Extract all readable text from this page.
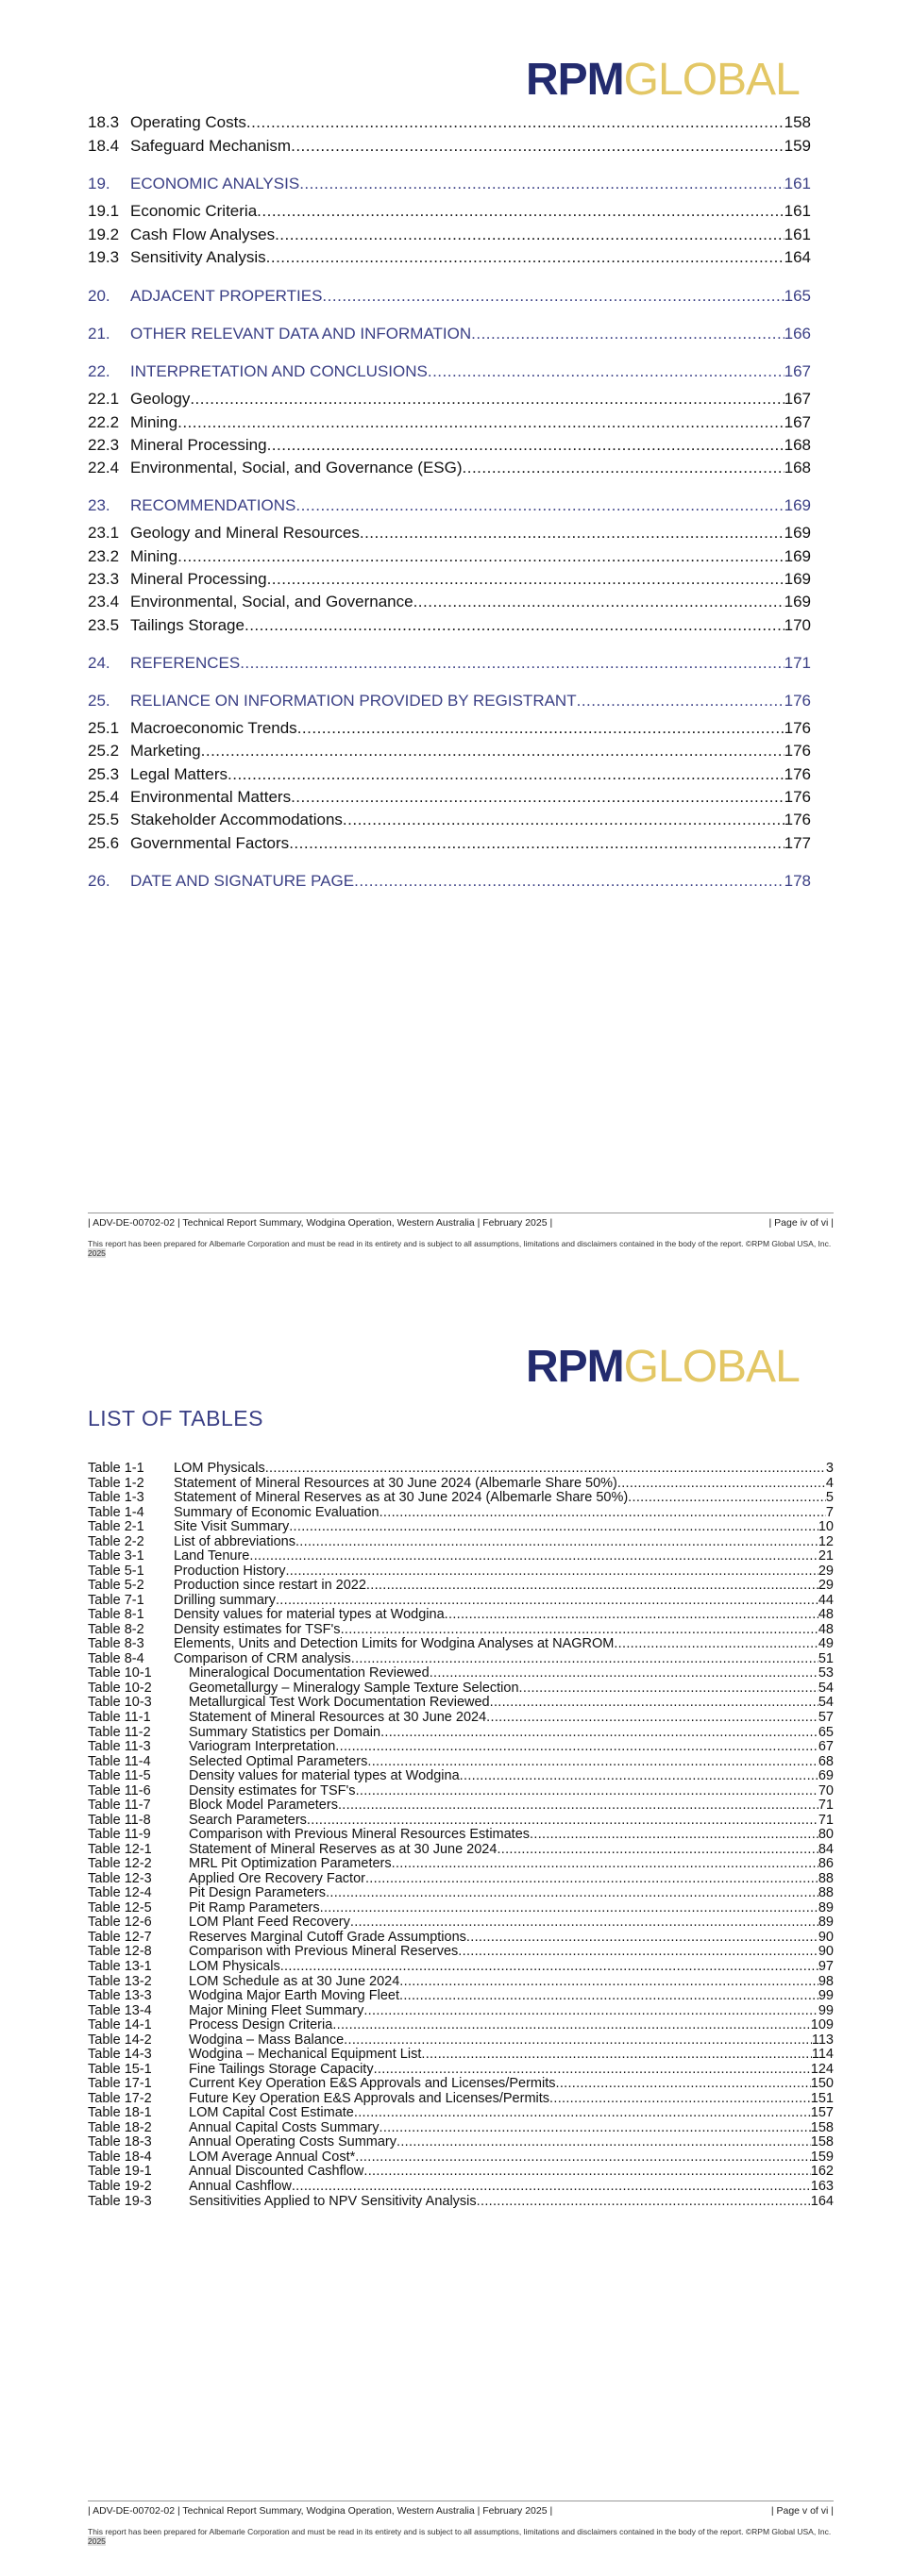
RPMGLOBAL
18.3 Operating Costs .....	158
18.4 Safeguard Mechanism .....	159
19.	ECONOMIC ANALYSIS .....	161
19.1 Economic Criteria .....	161
19.2 Cash Flow Analyses .....	161
19.3 Sensitivity Analysis .....	164
20.	ADJACENT PROPERTIES .....	165
21.	OTHER RELEVANT DATA AND INFORMATION .....	166
22.	INTERPRETATION AND CONCLUSIONS .....	167
22.1 Geology .....	167
22.2 Mining .....	167
22.3 Mineral Processing .....	168
22.4 Environmental, Social, and Governance (ESG) .....	168
23.	RECOMMENDATIONS .....	169
23.1 Geology and Mineral Resources .....	169
23.2 Mining .....	169
23.3 Mineral Processing .....	169
23.4 Environmental, Social, and Governance .....	169
23.5 Tailings Storage .....	170
24.	REFERENCES .....	171
25.	RELIANCE ON INFORMATION PROVIDED BY REGISTRANT .....	176
25.1 Macroeconomic Trends .....	176
25.2 Marketing .....	176
25.3 Legal Matters .....	176
25.4 Environmental Matters .....	176
25.5 Stakeholder Accommodations .....	176
25.6 Governmental Factors .....	177
26.	DATE AND SIGNATURE PAGE .....	178
| ADV-DE-00702-02 | Technical Report Summary, Wodgina Operation, Western Australia | February 2025 |	| Page iv of vi |
This report has been prepared for Albemarle Corporation and must be read in its entirety and is subject to all assumptions, limitations and disclaimers contained in the body of the report. ©RPM Global USA, Inc. 2025
RPMGLOBAL
LIST OF TABLES
Table 1-1	LOM Physicals .....	3
Table 1-2	Statement of Mineral Resources at 30 June 2024 (Albemarle Share 50%) .....	4
Table 1-3	Statement of Mineral Reserves as at 30 June 2024 (Albemarle Share 50%) .....	5
Table 1-4	Summary of Economic Evaluation .....	7
Table 2-1	Site Visit Summary .....	10
Table 2-2	List of abbreviations .....	12
Table 3-1	Land Tenure .....	21
Table 5-1	Production History .....	29
Table 5-2	Production since restart in 2022 .....	29
Table 7-1	Drilling summary .....	44
Table 8-1	Density values for material types at Wodgina .....	48
Table 8-2	Density estimates for TSF's .....	48
Table 8-3	Elements, Units and Detection Limits for Wodgina Analyses at NAGROM .....	49
Table 8-4	Comparison of CRM analysis .....	51
Table 10-1	Mineralogical Documentation Reviewed .....	53
Table 10-2	Geometallurgy – Mineralogy Sample Texture Selection .....	54
Table 10-3	Metallurgical Test Work Documentation Reviewed .....	54
Table 11-1	Statement of Mineral Resources at 30 June 2024 .....	57
Table 11-2	Summary Statistics per Domain .....	65
Table 11-3	Variogram Interpretation .....	67
Table 11-4	Selected Optimal Parameters .....	68
Table 11-5	Density values for material types at Wodgina .....	69
Table 11-6	Density estimates for TSF's .....	70
Table 11-7	Block Model Parameters .....	71
Table 11-8	Search Parameters .....	71
Table 11-9	Comparison with Previous Mineral Resources Estimates .....	80
Table 12-1	Statement of Mineral Reserves as at 30 June 2024 .....	84
Table 12-2	MRL Pit Optimization Parameters .....	86
Table 12-3	Applied Ore Recovery Factor .....	88
Table 12-4	Pit Design Parameters .....	88
Table 12-5	Pit Ramp Parameters .....	89
Table 12-6	LOM Plant Feed Recovery .....	89
Table 12-7	Reserves Marginal Cutoff Grade Assumptions .....	90
Table 12-8	Comparison with Previous Mineral Reserves .....	90
Table 13-1	LOM Physicals .....	97
Table 13-2	LOM Schedule as at 30 June 2024 .....	98
Table 13-3	Wodgina Major Earth Moving Fleet .....	99
Table 13-4	Major Mining Fleet Summary .....	99
Table 14-1	Process Design Criteria .....	109
Table 14-2	Wodgina – Mass Balance .....	113
Table 14-3	Wodgina – Mechanical Equipment List .....	114
Table 15-1	Fine Tailings Storage Capacity .....	124
Table 17-1	Current Key Operation E&S Approvals and Licenses/Permits .....	150
Table 17-2	Future Key Operation E&S Approvals and Licenses/Permits .....	151
Table 18-1	LOM Capital Cost Estimate .....	157
Table 18-2	Annual Capital Costs Summary .....	158
Table 18-3	Annual Operating Costs Summary .....	158
Table 18-4	LOM Average Annual Cost* .....	159
Table 19-1	Annual Discounted Cashflow .....	162
Table 19-2	Annual Cashflow .....	163
Table 19-3	Sensitivities Applied to NPV Sensitivity Analysis .....	164
| ADV-DE-00702-02 | Technical Report Summary, Wodgina Operation, Western Australia | February 2025 |	| Page v of vi |
This report has been prepared for Albemarle Corporation and must be read in its entirety and is subject to all assumptions, limitations and disclaimers contained in the body of the report. ©RPM Global USA, Inc. 2025
